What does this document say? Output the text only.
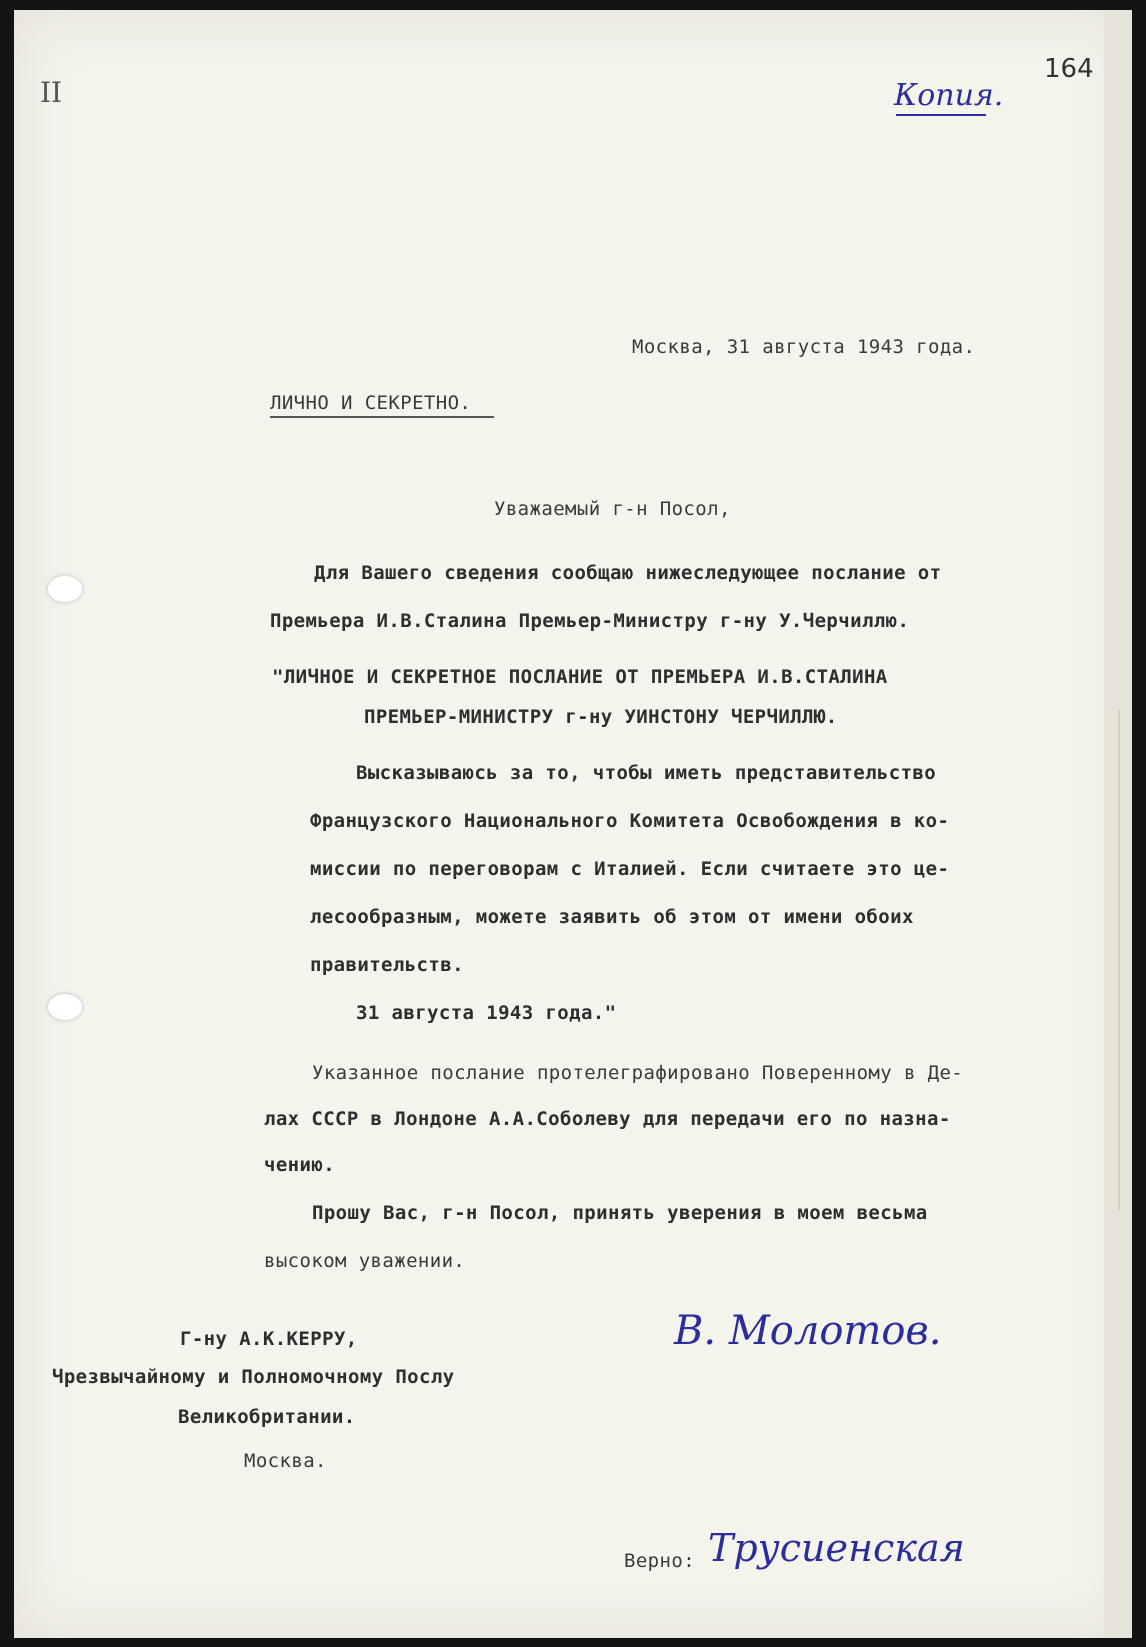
II

164

Копия.

Москва, 31 августа 1943 года.

ЛИЧНО И СЕКРЕТНО.

Уважаемый г-н Посол,

Для Вашего сведения сообщаю нижеследующее послание от

Премьера И.В.Сталина Премьер-Министру г-ну У.Черчиллю.

"ЛИЧНОЕ И СЕКРЕТНОЕ ПОСЛАНИЕ ОТ ПРЕМЬЕРА И.В.СТАЛИНА

ПРЕМЬЕР-МИНИСТРУ г-ну УИНСТОНУ ЧЕРЧИЛЛЮ.

Высказываюсь за то, чтобы иметь представительство

Французского Национального Комитета Освобождения в ко-

миссии по переговорам с Италией. Если считаете это це-

лесообразным, можете заявить об этом от имени обоих

правительств.

31 августа 1943 года."

Указанное послание протелеграфировано Поверенному в Де-

лах СССР в Лондоне А.А.Соболеву для передачи его по назна-

чению.

Прошу Вас, г-н Посол, принять уверения в моем весьма

высоком уважении.

В. Молотов.

Г-ну А.К.КЕРРУ,

Чрезвычайному и Полномочному Послу

Великобритании.

Москва.

Верно: Трусиенская
